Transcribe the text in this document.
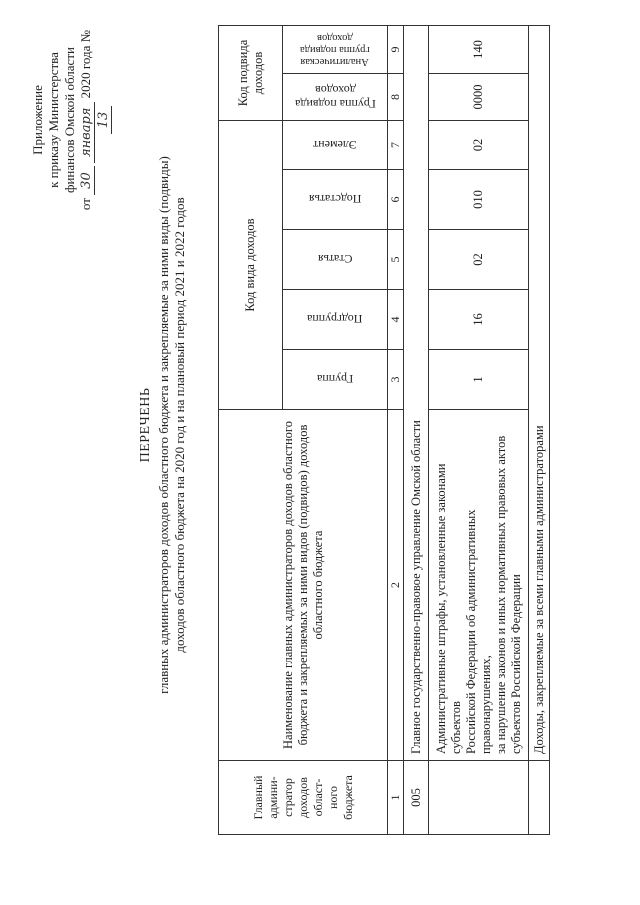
Приложение к приказу Министерства финансов Омской области
от 30 января 2020 года № 13
ПЕРЕЧЕНЬ главных администраторов доходов областного бюджета и закрепляемые за ними виды (подвиды) доходов областного бюджета на 2020 год и на плановый период 2021 и 2022 годов
Главный
админи-
стратор
доходов
област-
ного
бюджета
Наименование главных администраторов доходов областного
бюджета и закрепляемых за ними видов (подвидов) доходов
областного бюджета
Код вида доходов
Код подвида
доходов
Группа
Подгруппа
Статья
Подстатья
Элемент
Группа подвида
доходов
Аналитическая
группа подвида
доходов
1
2
3
4
5
6
7
8
9
005
Главное государственно-правовое управление Омской области Административные штрафы, установленные законами субъектов
Российской Федерации об административных правонарушениях,
за нарушение законов и иных нормативных правовых актов
субъектов Российской Федерации
1
16
02
010
02
0000
140
Доходы, закрепляемые за всеми главными администраторами
